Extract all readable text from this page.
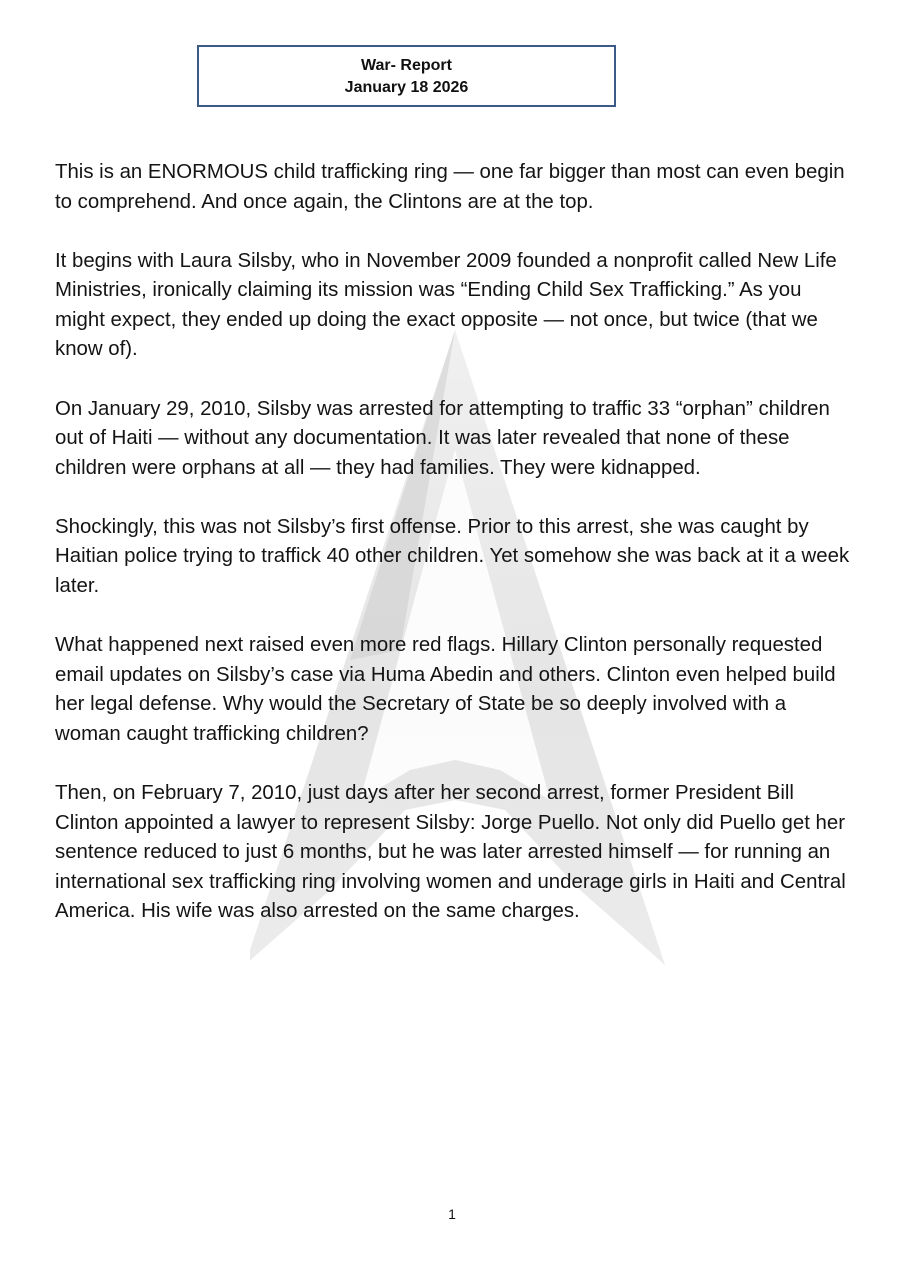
War- Report
January 18 2026

This is an ENORMOUS child trafficking ring — one far bigger than most can even begin to comprehend. And once again, the Clintons are at the top.

It begins with Laura Silsby, who in November 2009 founded a nonprofit called New Life Ministries, ironically claiming its mission was “Ending Child Sex Trafficking.” As you might expect, they ended up doing the exact opposite — not once, but twice (that we know of).

On January 29, 2010, Silsby was arrested for attempting to traffic 33 “orphan” children out of Haiti — without any documentation. It was later revealed that none of these children were orphans at all — they had families. They were kidnapped.

Shockingly, this was not Silsby’s first offense. Prior to this arrest, she was caught by Haitian police trying to traffick 40 other children. Yet somehow she was back at it a week later.

What happened next raised even more red flags. Hillary Clinton personally requested email updates on Silsby’s case via Huma Abedin and others. Clinton even helped build her legal defense. Why would the Secretary of State be so deeply involved with a woman caught trafficking children?

Then, on February 7, 2010, just days after her second arrest, former President Bill Clinton appointed a lawyer to represent Silsby: Jorge Puello. Not only did Puello get her sentence reduced to just 6 months, but he was later arrested himself — for running an international sex trafficking ring involving women and underage girls in Haiti and Central America. His wife was also arrested on the same charges.

1
